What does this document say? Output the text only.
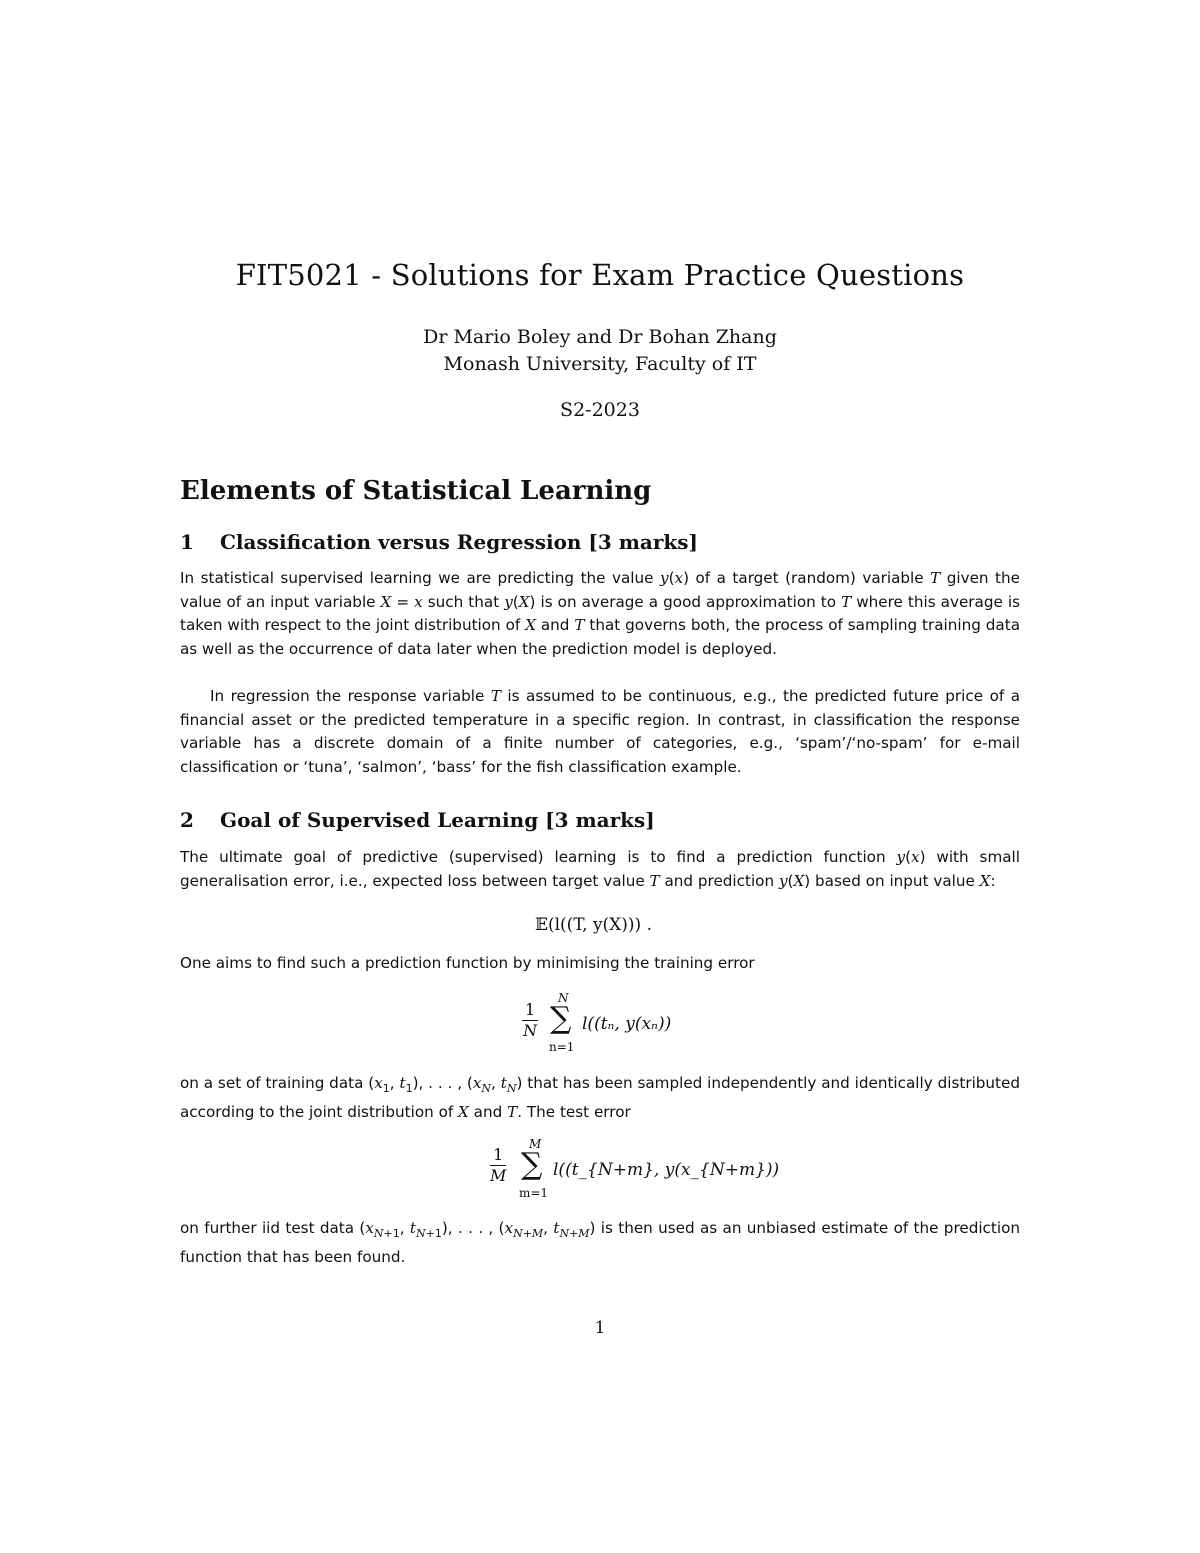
FIT5021 - Solutions for Exam Practice Questions
Dr Mario Boley and Dr Bohan Zhang
Monash University, Faculty of IT
S2-2023
Elements of Statistical Learning
1 Classification versus Regression [3 marks]
In statistical supervised learning we are predicting the value y(x) of a target (random) variable T given the value of an input variable X = x such that y(X) is on average a good approximation to T where this average is taken with respect to the joint distribution of X and T that governs both, the process of sampling training data as well as the occurrence of data later when the prediction model is deployed.
In regression the response variable T is assumed to be continuous, e.g., the predicted future price of a financial asset or the predicted temperature in a specific region. In contrast, in classification the response variable has a discrete domain of a finite number of categories, e.g., ‘spam’/‘no-spam’ for e-mail classification or ‘tuna’, ‘salmon’, ‘bass’ for the fish classification example.
2 Goal of Supervised Learning [3 marks]
The ultimate goal of predictive (supervised) learning is to find a prediction function y(x) with small generalisation error, i.e., expected loss between target value T and prediction y(X) based on input value X:
𝔼(l((T, y(X))) .
One aims to find such a prediction function by minimising the training error
$\frac{1}{N}$
N
∑
n=1
l((tₙ, y(xₙ))
on a set of training data ($x_1$, $t_1$), . . . , ($x_N$, $t_N$) that has been sampled independently and identically distributed according to the joint distribution of X and T. The test error
$\frac{1}{M}$
M
∑
m=1
l((t_{N+m}, y(x_{N+m}))
on further iid test data ($x_{N+1}$, $t_{N+1}$), . . . , ($x_{N+M}$, $t_{N+M}$) is then used as an unbiased estimate of the prediction function that has been found.
1
